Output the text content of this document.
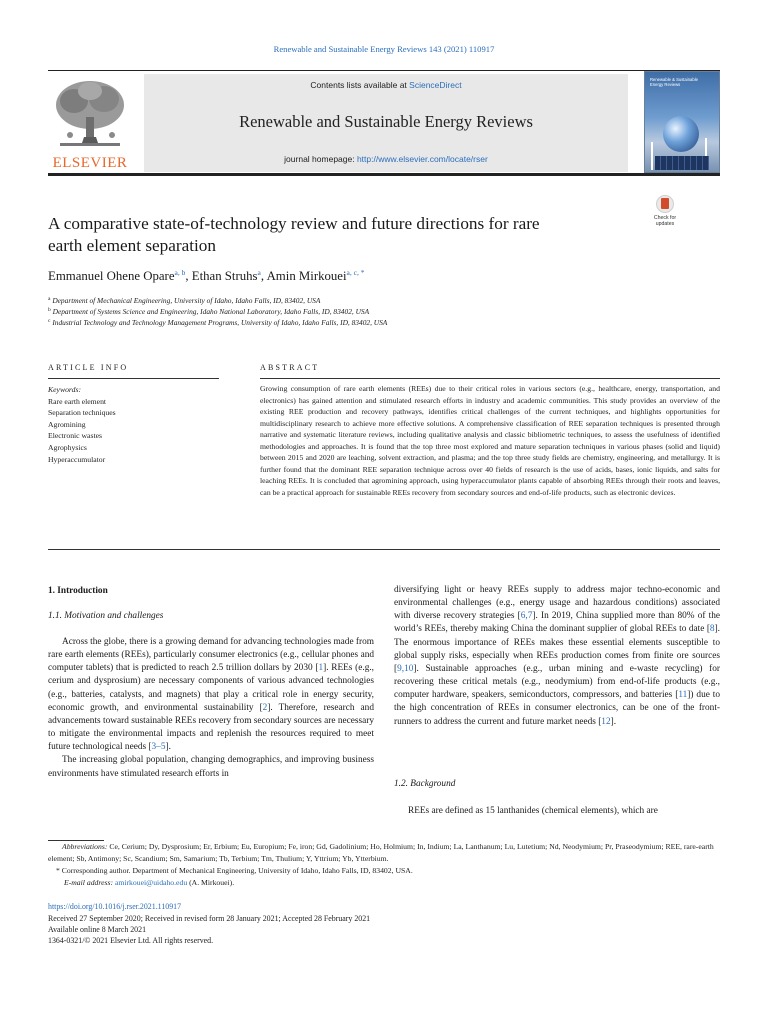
Renewable and Sustainable Energy Reviews 143 (2021) 110917
ELSEVIER
Contents lists available at ScienceDirect
Renewable and Sustainable Energy Reviews
journal homepage: http://www.elsevier.com/locate/rser
Renewable & Sustainable Energy Reviews
A comparative state-of-technology review and future directions for rare
earth element separation
Check for
updates
Emmanuel Ohene Opare$^{a, b}$, Ethan Struhs$^a$, Amin Mirkouei$^{a, c, *}$
$^a$ Department of Mechanical Engineering, University of Idaho, Idaho Falls, ID, 83402, USA
$^b$ Department of Systems Science and Engineering, Idaho National Laboratory, Idaho Falls, ID, 83402, USA
$^c$ Industrial Technology and Technology Management Programs, University of Idaho, Idaho Falls, ID, 83402, USA
ARTICLE INFO	ABSTRACT
Keywords:
Rare earth element
Separation techniques
Agromining
Electronic wastes
Agrophysics
Hyperaccumulator
Growing consumption of rare earth elements (REEs) due to their critical roles in various sectors (e.g., healthcare, energy, transportation, and electronics) has gained attention and stimulated research efforts in industry and academic communities. This study provides an overview of the existing REE production and recovery pathways, identifies critical challenges of the current techniques, and highlights opportunities for multidisciplinary research to achieve more effective solutions. A comprehensive classification of REE separation techniques is presented through narrative and systematic literature reviews, including qualitative analysis and classic bibliometric techniques, to assess the usefulness of identified methodologies and approaches. It is found that the top three most explored and mature separation techniques in various phases (solid and liquid) between 2015 and 2020 are leaching, solvent extraction, and plasma; and the top three study fields are chemistry, engineering, and metallurgy. It is further found that the dominant REE separation technique across over 40 fields of research is the use of acids, bases, ionic liquids, and salts for leaching REEs. It is concluded that agromining approach, using hyperaccumulator plants capable of absorbing REEs through their roots and leaves, can be a practical approach for sustainable REEs recovery from secondary sources and end-of-life products, such as electronic devices.
1. Introduction
1.1. Motivation and challenges

Across the globe, there is a growing demand for advancing technologies made from rare earth elements (REEs), particularly consumer electronics (e.g., cellular phones and computer tablets) that is predicted to reach 2.5 trillion dollars by 2030 [1]. REEs (e.g., cerium and dysprosium) are necessary components of various advanced technologies (e.g., batteries, catalysts, and magnets) that play a critical role in energy security, economic growth, and environmental sustainability [2]. Therefore, research and advancements toward sustainable REEs recovery from secondary sources are necessary to mitigate the environmental impacts and replenish the resources required to meet future technological needs [3–5].

The increasing global population, changing demographics, and improving business environments have stimulated research efforts in

diversifying light or heavy REEs supply to address major techno-economic and environmental challenges (e.g., energy usage and hazardous conditions) associated with diverse recovery strategies [6,7]. In 2019, China supplied more than 80% of the world’s REEs, thereby making China the dominant supplier of global REEs to date [8]. The enormous importance of REEs makes these essential elements susceptible to global supply risks, especially when REEs production comes from finite ore sources [9,10]. Sustainable approaches (e.g., urban mining and e-waste recycling) for recovering these critical metals (e.g., neodymium) from end-of-life products (e.g., computer hardware, speakers, semiconductors, compressors, and batteries [11]) due to the high concentration of REEs in consumer electronics, can be one of the front-runners to address the current and future market needs [12].

1.2. Background

REEs are defined as 15 lanthanides (chemical elements), which are

Abbreviations: Ce, Cerium; Dy, Dysprosium; Er, Erbium; Eu, Europium; Fe, iron; Gd, Gadolinium; Ho, Holmium; In, Indium; La, Lanthanum; Lu, Lutetium; Nd, Neodymium; Pr, Praseodymium; REE, rare-earth element; Sb, Antimony; Sc, Scandium; Sm, Samarium; Tb, Terbium; Tm, Thulium; Y, Yttrium; Yb, Ytterbium.
* Corresponding author. Department of Mechanical Engineering, University of Idaho, Idaho Falls, ID, 83402, USA.
E-mail address: amirkouei@uidaho.edu (A. Mirkouei).
https://doi.org/10.1016/j.rser.2021.110917
Received 27 September 2020; Received in revised form 28 January 2021; Accepted 28 February 2021
Available online 8 March 2021
1364-0321/© 2021 Elsevier Ltd. All rights reserved.
